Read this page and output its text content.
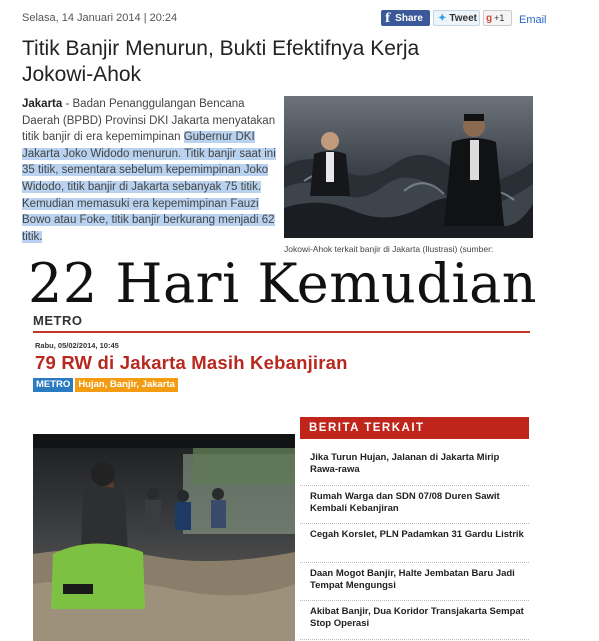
Selasa, 14 Januari 2014 | 20:24	f Share ✦ Tweet g +1 Email
Titik Banjir Menurun, Bukti Efektifnya Kerja Jokowi-Ahok
Jakarta - Badan Penanggulangan Bencana Daerah (BPBD) Provinsi DKI Jakarta menyatakan titik banjir di era kepemimpinan Gubernur DKI Jakarta Joko Widodo menurun. Titik banjir saat ini 35 titik, sementara sebelum kepemimpinan Joko Widodo, titik banjir di Jakarta sebanyak 75 titik. Kemudian memasuki era kepemimpinan Fauzi Bowo atau Foke, titik banjir berkurang menjadi 62 titik.
Jokowi-Ahok terkait banjir di Jakarta (Ilustrasi) (sumber:
22 Hari Kemudian
METRO
Rabu, 05/02/2014, 10:45
79 RW di Jakarta Masih Kebanjiran
METRO Hujan, Banjir, Jakarta
BERITA TERKAIT
Jika Turun Hujan, Jalanan di Jakarta Mirip Rawa-rawa
Rumah Warga dan SDN 07/08 Duren Sawit Kembali Kebanjiran
Cegah Korslet, PLN Padamkan 31 Gardu Listrik
Daan Mogot Banjir, Halte Jembatan Baru Jadi Tempat Mengungsi
Akibat Banjir, Dua Koridor Transjakarta Sempat Stop Operasi
